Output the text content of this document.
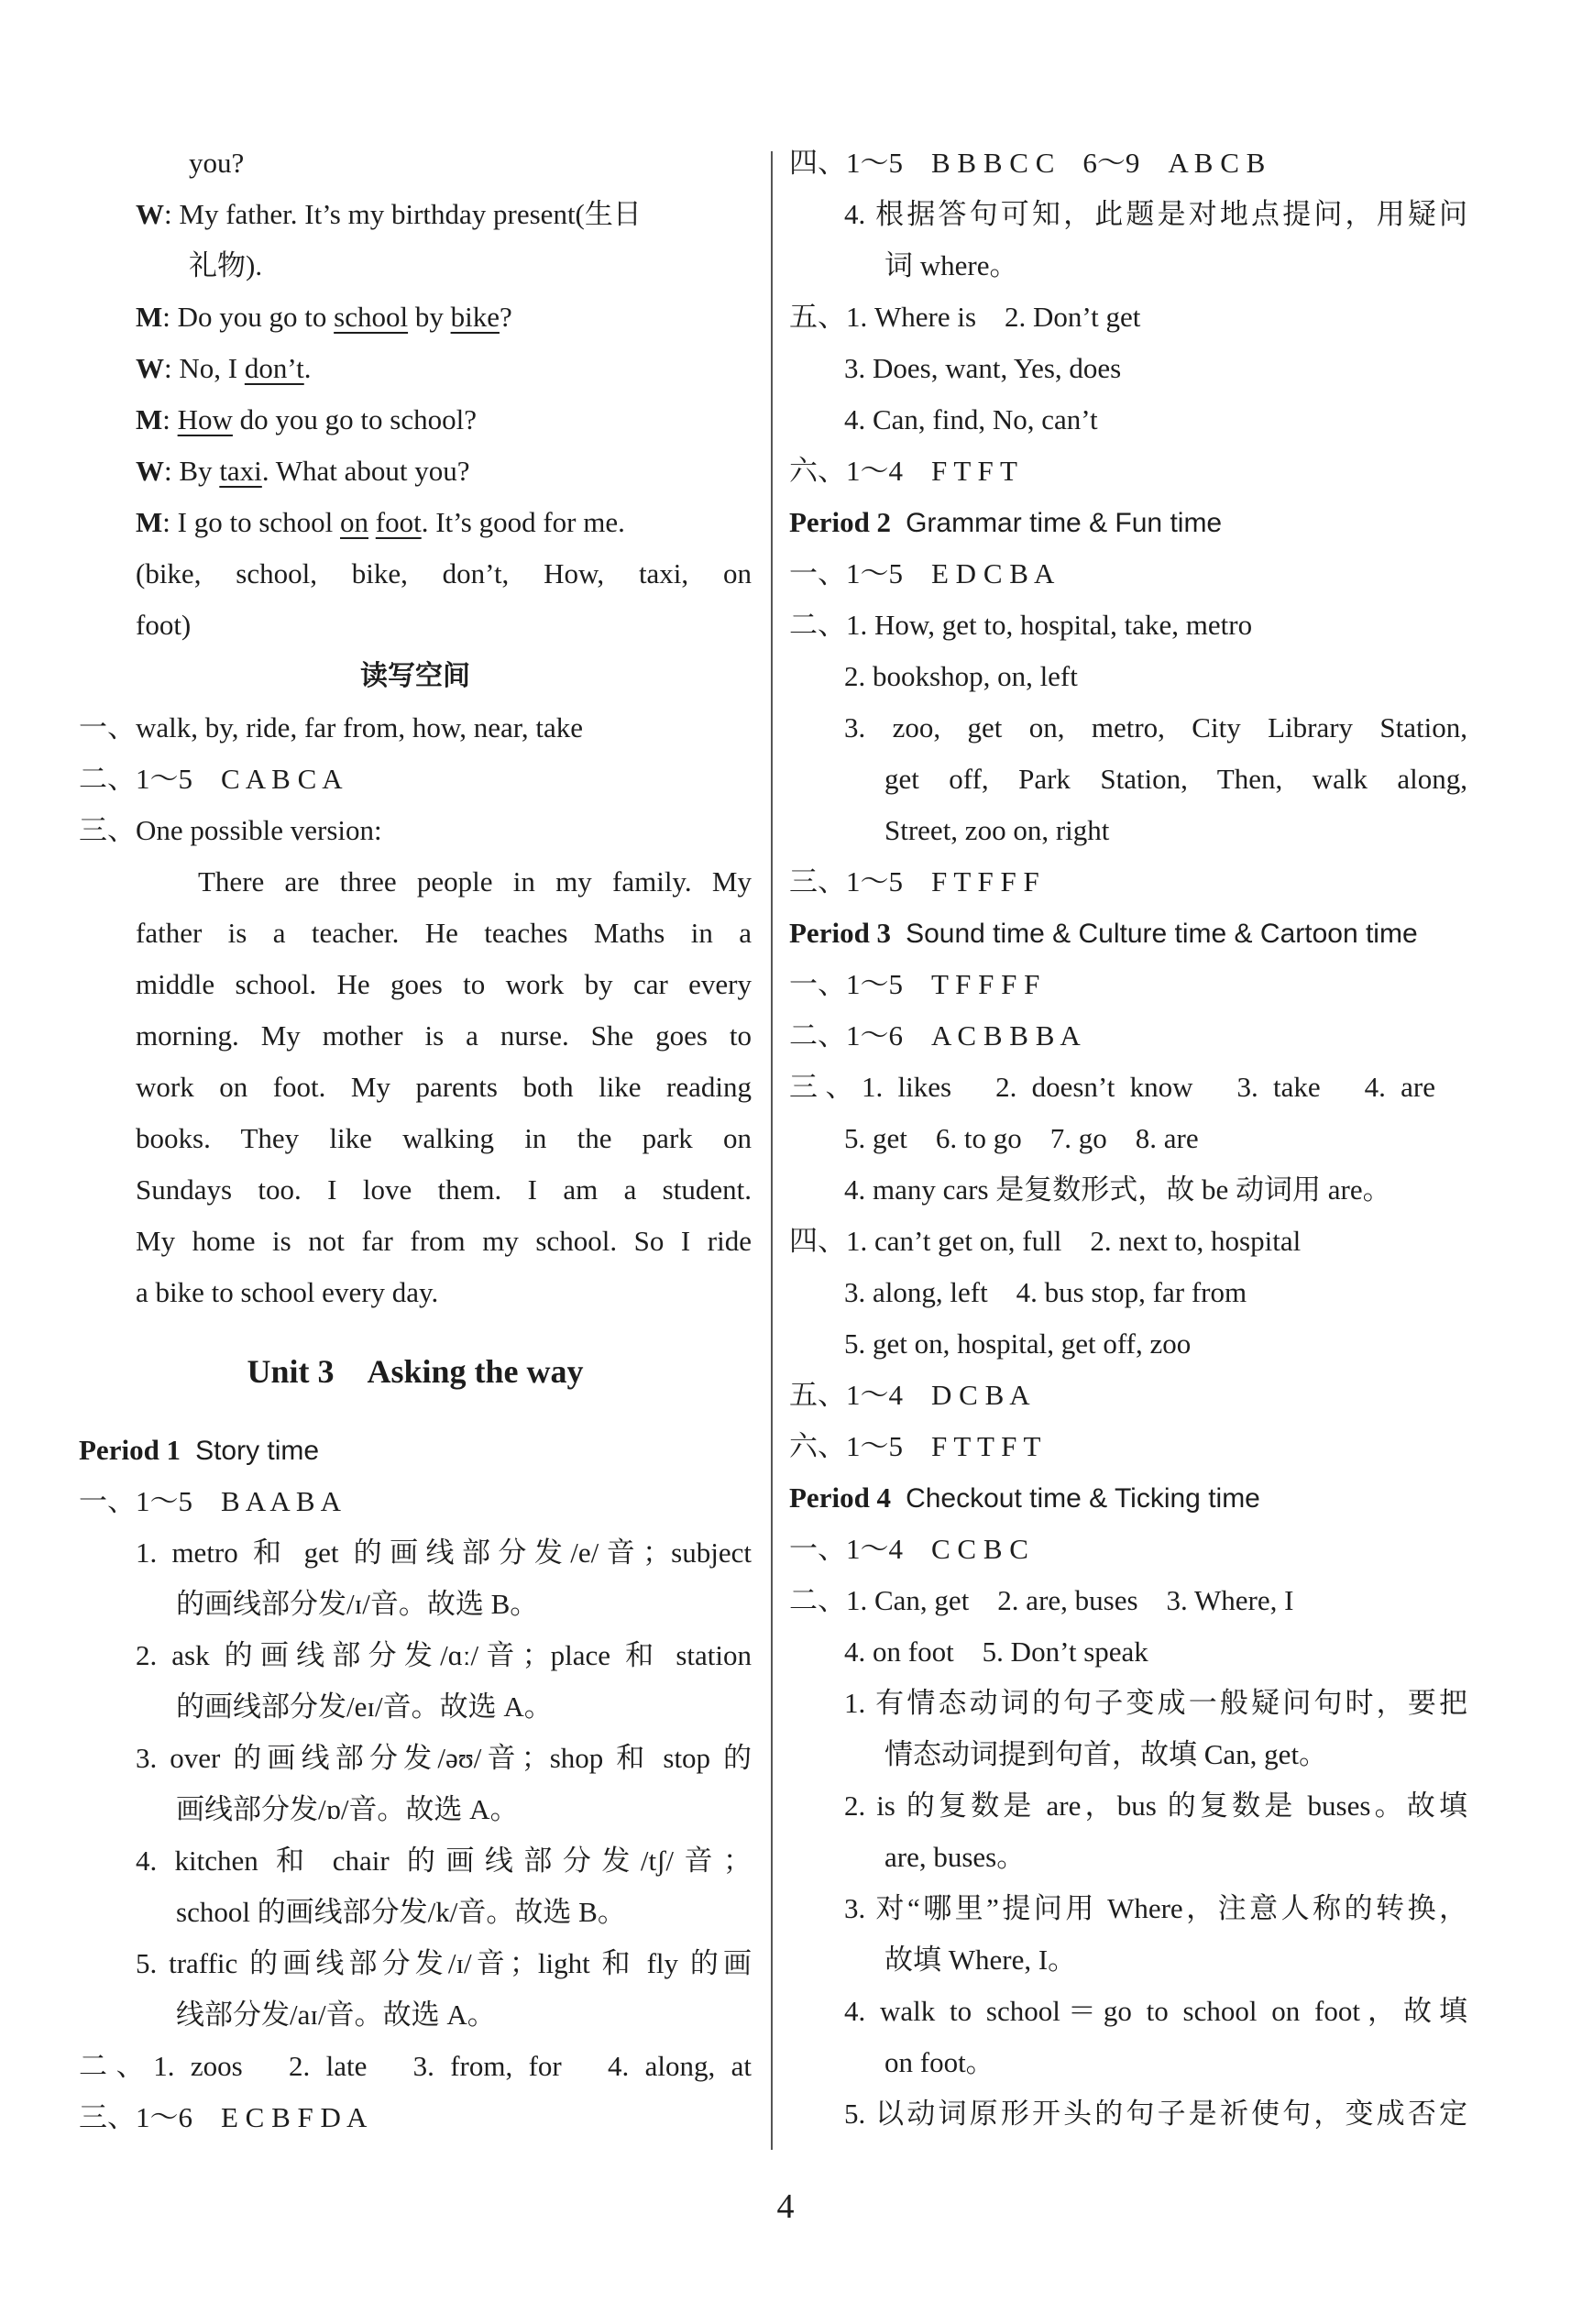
you?
W: My father. It’s my birthday present(生日
礼物).
M: Do you go to school by bike?
W: No, I don’t.
M: How do you go to school?
W: By taxi. What about you?
M: I go to school on foot. It’s good for me.
(bike, school, bike, don’t, How, taxi, on
foot)
读写空间
一、walk, by, ride, far from, how, near, take
二、1～5　C A B C A
三、One possible version:
There are three people in my family. My
father is a teacher. He teaches Maths in a
middle school. He goes to work by car every
morning. My mother is a nurse. She goes to
work on foot. My parents both like reading
books. They like walking in the park on
Sundays too. I love them. I am a student.
My home is not far from my school. So I ride
a bike to school every day.
Unit 3　Asking the way
Period 1 Story time
一、1～5　B A A B A
1. metro 和 get 的画线部分发/e/音；subject
的画线部分发/ɪ/音。故选 B。
2. ask 的画线部分发/ɑː/音；place 和 station
的画线部分发/eɪ/音。故选 A。
3. over 的画线部分发/əʊ/音；shop 和 stop 的
画线部分发/ɒ/音。故选 A。
4. kitchen 和 chair 的画线部分发/tʃ/音；
school 的画线部分发/k/音。故选 B。
5. traffic 的画线部分发/ɪ/音；light 和 fly 的画
线部分发/aɪ/音。故选 A。
二、1. zoos　2. late　3. from, for　4. along, at
三、1～6　E C B F D A
四、1～5　B B B C C　6～9　A B C B
4. 根据答句可知，此题是对地点提问，用疑问
词 where。
五、1. Where is　2. Don’t get
3. Does, want, Yes, does
4. Can, find, No, can’t
六、1～4　F T F T
Period 2 Grammar time & Fun time
一、1～5　E D C B A
二、1. How, get to, hospital, take, metro
2. bookshop, on, left
3. zoo, get on, metro, City Library Station,
get off, Park Station, Then, walk along,
Street, zoo on, right
三、1～5　F T F F F
Period 3 Sound time & Culture time & Cartoon time
一、1～5　T F F F F
二、1～6　A C B B B A
三、1. likes　2. doesn’t know　3. take　4. are
5. get　6. to go　7. go　8. are
4. many cars 是复数形式，故 be 动词用 are。
四、1. can’t get on, full　2. next to, hospital
3. along, left　4. bus stop, far from
5. get on, hospital, get off, zoo
五、1～4　D C B A
六、1～5　F T T F T
Period 4 Checkout time & Ticking time
一、1～4　C C B C
二、1. Can, get　2. are, buses　3. Where, I
4. on foot　5. Don’t speak
1. 有情态动词的句子变成一般疑问句时，要把
情态动词提到句首，故填 Can, get。
2. is 的复数是 are，bus 的复数是 buses。故填
are, buses。
3. 对“哪里”提问用 Where，注意人称的转换，
故填 Where, I。
4. walk to school＝go to school on foot，故填
on foot。
5. 以动词原形开头的句子是祈使句，变成否定
4
